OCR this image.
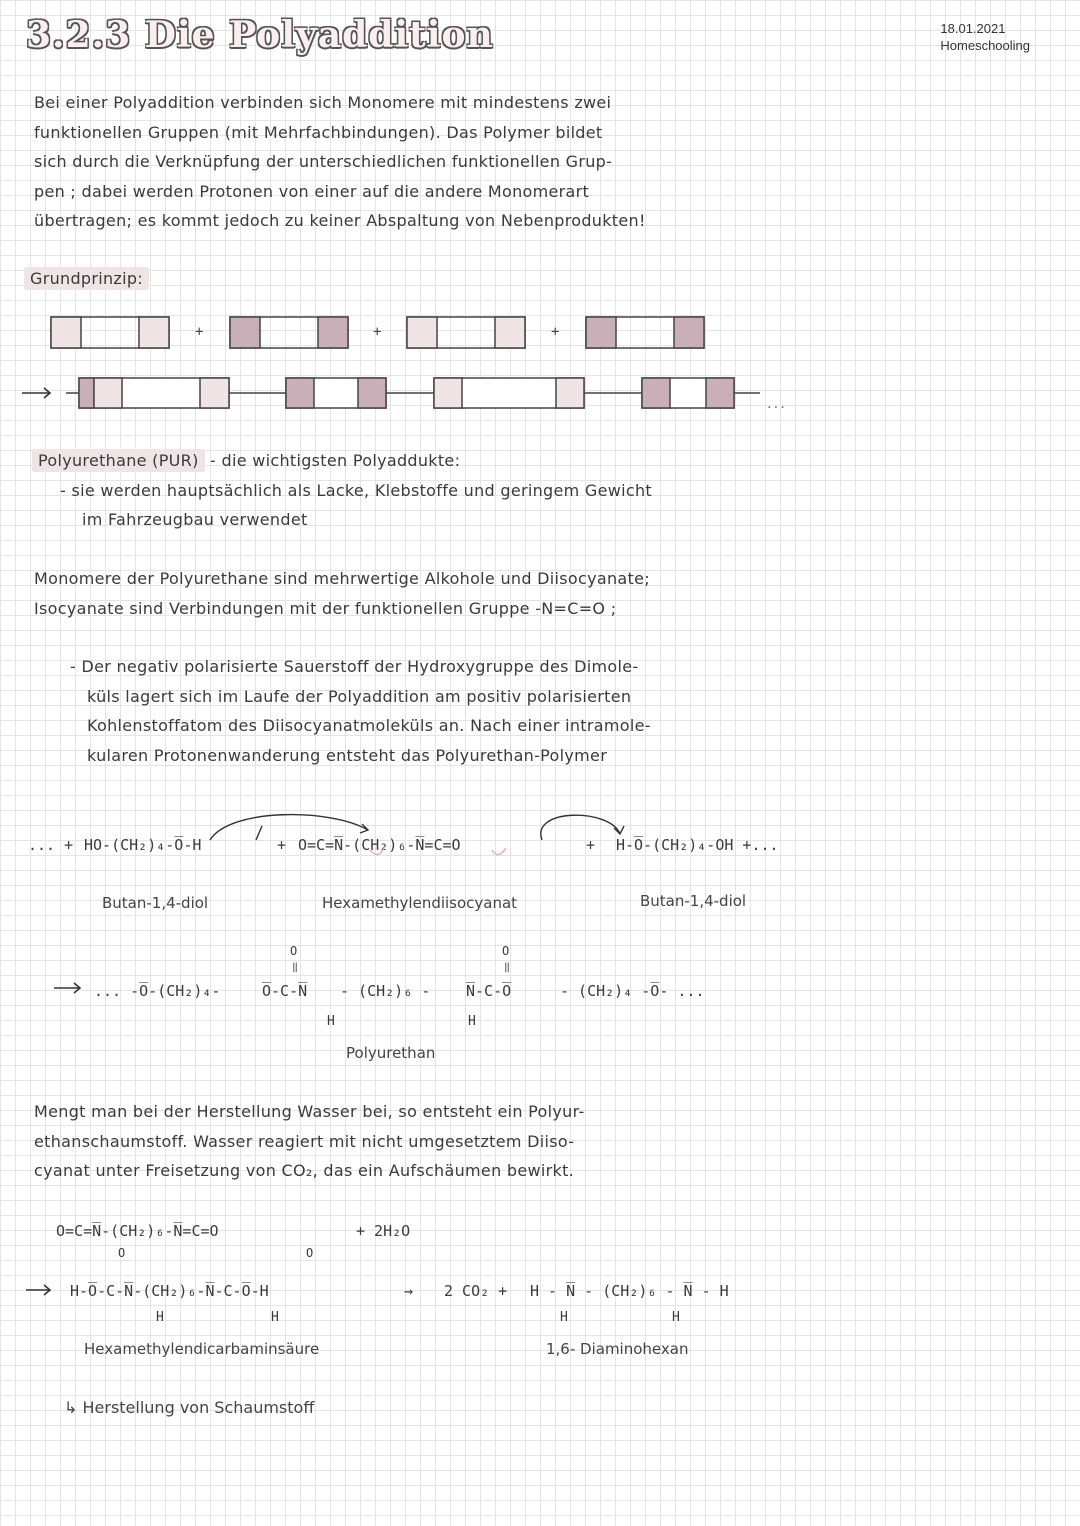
3.2.3 Die Polyaddition	18.01.2021
Homeschooling
Bei einer Polyaddition verbinden sich Monomere mit mindestens zwei
funktionellen Gruppen (mit Mehrfachbindungen). Das Polymer bildet
sich durch die Verknüpfung der unterschiedlichen funktionellen Grup-
pen ; dabei werden Protonen von einer auf die andere Monomerart
übertragen; es kommt jedoch zu keiner Abspaltung von Nebenprodukten!
Grundprinzip:
+	+	+
...
Polyurethane (PUR) - die wichtigsten Polyaddukte:
- sie werden hauptsächlich als Lacke, Klebstoffe und geringem Gewicht
im Fahrzeugbau verwendet
Monomere der Polyurethane sind mehrwertige Alkohole und Diisocyanate;
Isocyanate sind Verbindungen mit der funktionellen Gruppe -N=C=O ;
- Der negativ polarisierte Sauerstoff der Hydroxygruppe des Dimole-
küls lagert sich im Laufe der Polyaddition am positiv polarisierten
Kohlenstoffatom des Diisocyanatmoleküls an. Nach einer intramole-
kularen Protonenwanderung entsteht das Polyurethan-Polymer
... + HO-(CH₂)₄-O̅-H	+ O=C=N̅-(CH₂)₆-N̅=C=O	+ H-O̅-(CH₂)₄-OH +...
Butan-1,4-diol	Hexamethylendiisocyanat	Butan-1,4-diol
... -O̅-(CH₂)₄-	O̅-C-N̅ - (CH₂)₆ - N̅-C-O̅	- (CH₂)₄ -O̅- ...
O
‖
O
‖
H	H
Polyurethan
Mengt man bei der Herstellung Wasser bei, so entsteht ein Polyur-
ethanschaumstoff. Wasser reagiert mit nicht umgesetztem Diiso-
cyanat unter Freisetzung von CO₂, das ein Aufschäumen bewirkt.
O=C=N̅-(CH₂)₆-N̅=C=O	+ 2H₂O
H-O̅-C-N̅-(CH₂)₆-N̅-C-O̅-H
O	O
H	H
→ 2 CO₂ + H - N̅ - (CH₂)₆ - N̅ - H
H	H
Hexamethylendicarbaminsäure	1,6- Diaminohexan
↳ Herstellung von Schaumstoff
